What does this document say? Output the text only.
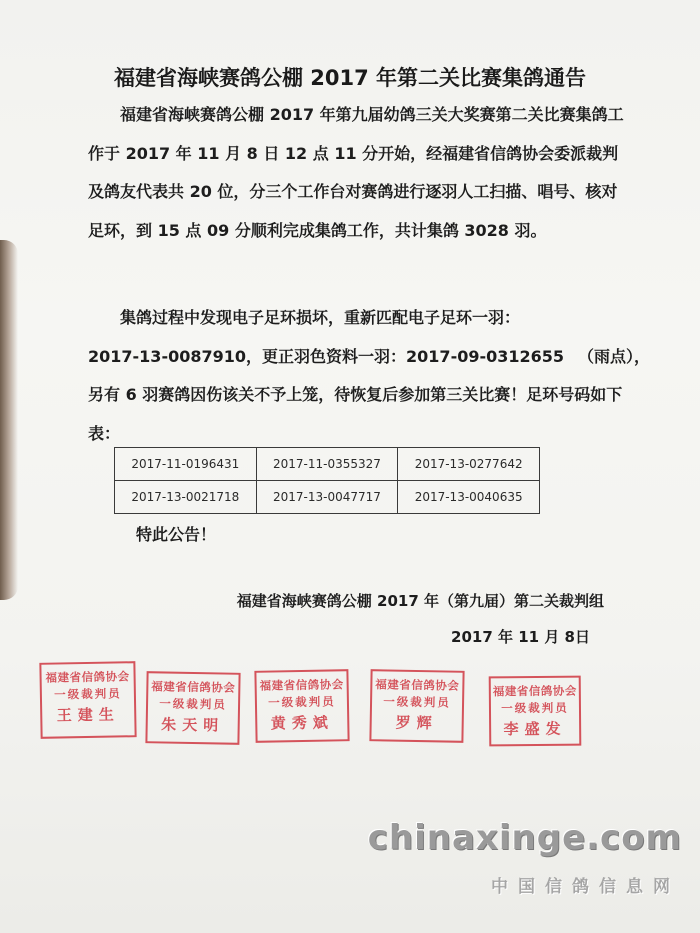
福建省海峡赛鸽公棚 2017 年第二关比赛集鸽通告
福建省海峡赛鸽公棚 2017 年第九届幼鸽三关大奖赛第二关比赛集鸽工作于 2017 年 11 月 8 日 12 点 11 分开始，经福建省信鸽协会委派裁判及鸽友代表共 20 位，分三个工作台对赛鸽进行逐羽人工扫描、唱号、核对足环，到 15 点 09 分顺利完成集鸽工作，共计集鸽 3028 羽。
集鸽过程中发现电子足环损坏，重新匹配电子足环一羽：
2017-13-0087910，更正羽色资料一羽：2017-09-0312655 （雨点），
另有 6 羽赛鸽因伤该关不予上笼，待恢复后参加第三关比赛！足环号码如下表：
2017-11-0196431	2017-11-0355327	2017-13-0277642
2017-13-0021718	2017-13-0047717	2017-13-0040635
特此公告！
福建省海峡赛鸽公棚 2017 年（第九届）第二关裁判组
2017 年 11 月 8日
福建省信鸽协会
一级裁判员
王建生
福建省信鸽协会
一级裁判员
朱天明
福建省信鸽协会
一级裁判员
黄秀斌
福建省信鸽协会
一级裁判员
罗辉
福建省信鸽协会
一级裁判员
李盛发
chinaxinge.com
中国信鸽信息网
